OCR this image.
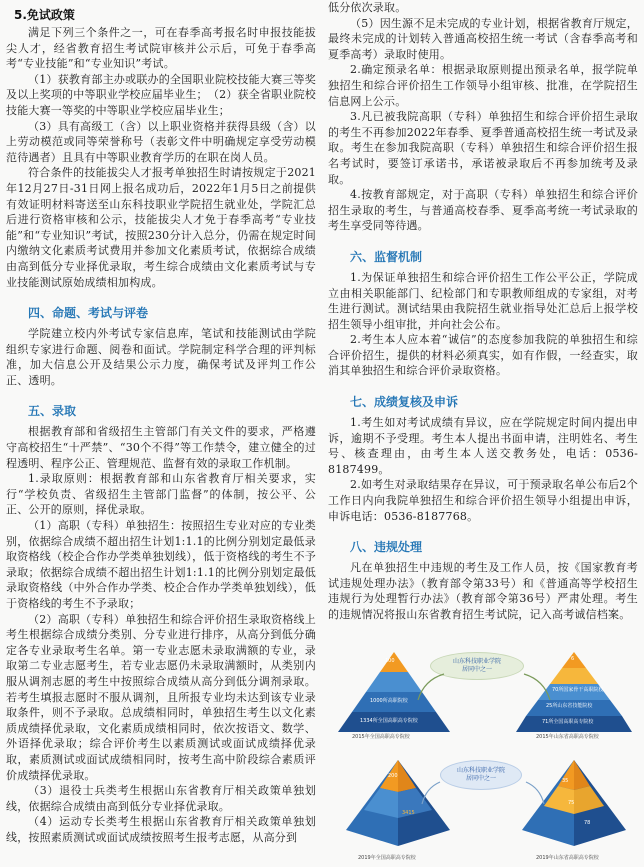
5.免试政策

满足下列三个条件之一，可在春季高考报名时申报技能拔尖人才，经省教育招生考试院审核并公示后，可免于春季高考“专业技能”和“专业知识”考试。

（1）获教育部主办或联办的全国职业院校技能大赛三等奖及以上奖项的中等职业学校应届毕业生；　（2）获全省职业院校技能大赛一等奖的中等职业学校应届毕业生；

（3）具有高级工（含）以上职业资格并获得县级（含）以上劳动模范或同等荣誉称号（表彰文件中明确规定享受劳动模范待遇者）且具有中等职业教育学历的在职在岗人员。

符合条件的技能拔尖人才报考单独招生时请按规定于2021年12月27日-31日网上报名成功后，2022年1月5日之前提供有效证明材料寄送至山东科技职业学院招生就业处，学院汇总后进行资格审核和公示，技能拔尖人才免于春季高考“专业技能”和“专业知识”考试，按照230分计入总分，仍需在规定时间内缴纳文化素质考试费用并参加文化素质考试，依据综合成绩由高到低分专业择优录取，考生综合成绩由文化素质考试与专业技能测试原始成绩相加构成。

四、命题、考试与评卷

学院建立校内外考试专家信息库，笔试和技能测试由学院组织专家进行命题、阅卷和面试。学院制定科学合理的评判标准，加大信息公开及结果公示力度，确保考试及评判工作公正、透明。

五、录取

根据教育部和省级招生主管部门有关文件的要求，严格遵守高校招生“十严禁”、“30个不得”等工作禁令，建立健全的过程透明、程序公正、管理规范、监督有效的录取工作机制。

1.录取原则：根据教育部和山东省教育厅相关要求，实行“学校负责、省级招生主管部门监督”的体制，按公平、公正、公开的原则，择优录取。

（1）高职（专科）单独招生：按照招生专业对应的专业类别，依据综合成绩不超出招生计划1:1.1的比例分别划定最低录取资格线（校企合作办学类单独划线），低于资格线的考生不予录取；依据综合成绩不超出招生计划1:1.1的比例分别划定最低录取资格线（中外合作办学类、校企合作办学类单独划线），低于资格线的考生不予录取；

（2）高职（专科）单独招生和综合评价招生录取资格线上考生根据综合成绩分类别、分专业进行排序，从高分到低分确定各专业录取考生名单。第一专业志愿未录取满额的专业，录取第二专业志愿考生，若专业志愿仍未录取满额时，从类别内服从调剂志愿的考生中按照综合成绩从高分到低分调剂录取。若考生填报志愿时不服从调剂，且所报专业均未达到该专业录取条件，则不予录取。总成绩相同时，单独招生考生以文化素质成绩择优录取，文化素质成绩相同时，依次按语文、数学、外语择优录取；综合评价考生以素质测试或面试成绩择优录取，素质测试或面试成绩相同时，按考生高中阶段综合素质评价成绩择优录取。

（3）退役士兵类考生根据山东省教育厅相关政策单独划线，依据综合成绩由高到低分专业择优录取。

（4）运动专长类考生根据山东省教育厅相关政策单独划线，按照素质测试或面试成绩按照考生报考志愿，从高分到

低分依次录取。

（5）因生源不足未完成的专业计划，根据省教育厅规定，最终未完成的计划转入普通高校招生统一考试（含春季高考和夏季高考）录取时使用。

2.确定预录名单：根据录取原则提出预录名单，报学院单独招生和综合评价招生工作领导小组审核、批准，在学院招生信息网上公示。

3.凡已被我院高职（专科）单独招生和综合评价招生录取的考生不再参加2022年春季、夏季普通高校招生统一考试及录取。考生在参加我院高职（专科）单独招生和综合评价招生报名考试时，要签订承诺书，承诺被录取后不再参加统考及录取。

4.按教育部规定，对于高职（专科）单独招生和综合评价招生录取的考生，与普通高校春季、夏季高考统一考试录取的考生享受同等待遇。

六、监督机制

1.为保证单独招生和综合评价招生工作公平公正，学院成立由相关职能部门、纪检部门和专职教师组成的专家组，对考生进行测试。测试结果由我院招生就业指导处汇总后上报学校招生领导小组审批，并向社会公布。

2.考生本人应本着“诚信”的态度参加我院的单独招生和综合评价招生，提供的材料必须真实，如有作假，一经查实，取消其单独招生和综合评价录取资格。

七、成绩复核及申诉

1.考生如对考试成绩有异议，应在学院规定时间内提出申诉，逾期不予受理。考生本人提出书面申请，注明姓名、考生号、核查理由，由考生本人送交教务处，电话：0536-8187499。

2.如考生对录取结果存在异议，可于预录取名单公布后2个工作日内向我院单独招生和综合评价招生领导小组提出申诉，申诉电话：0536-8187768。

八、违规处理

凡在单独招生中违规的考生及工作人员，按《国家教育考试违规处理办法》（教育部令第33号）和《普通高等学校招生违规行为处理暂行办法》（教育部令第36号）严肃处理。考生的违规情况将报山东省教育招生考试院，记入高考诚信档案。

100
1000所高职院校
1334所全国高职高专院校
2015年全国高职高专院校
6
70所国家骨干高职院校
25所山东省技能院校
71所全国高职高专院校
2015年山东省高职高专院校
山东科技职业学院
居同中之一
200
3415
2019年全国高职高专院校
35
75
78
2019年山东省高职高专院校
山东科技职业学院
居同中之一
